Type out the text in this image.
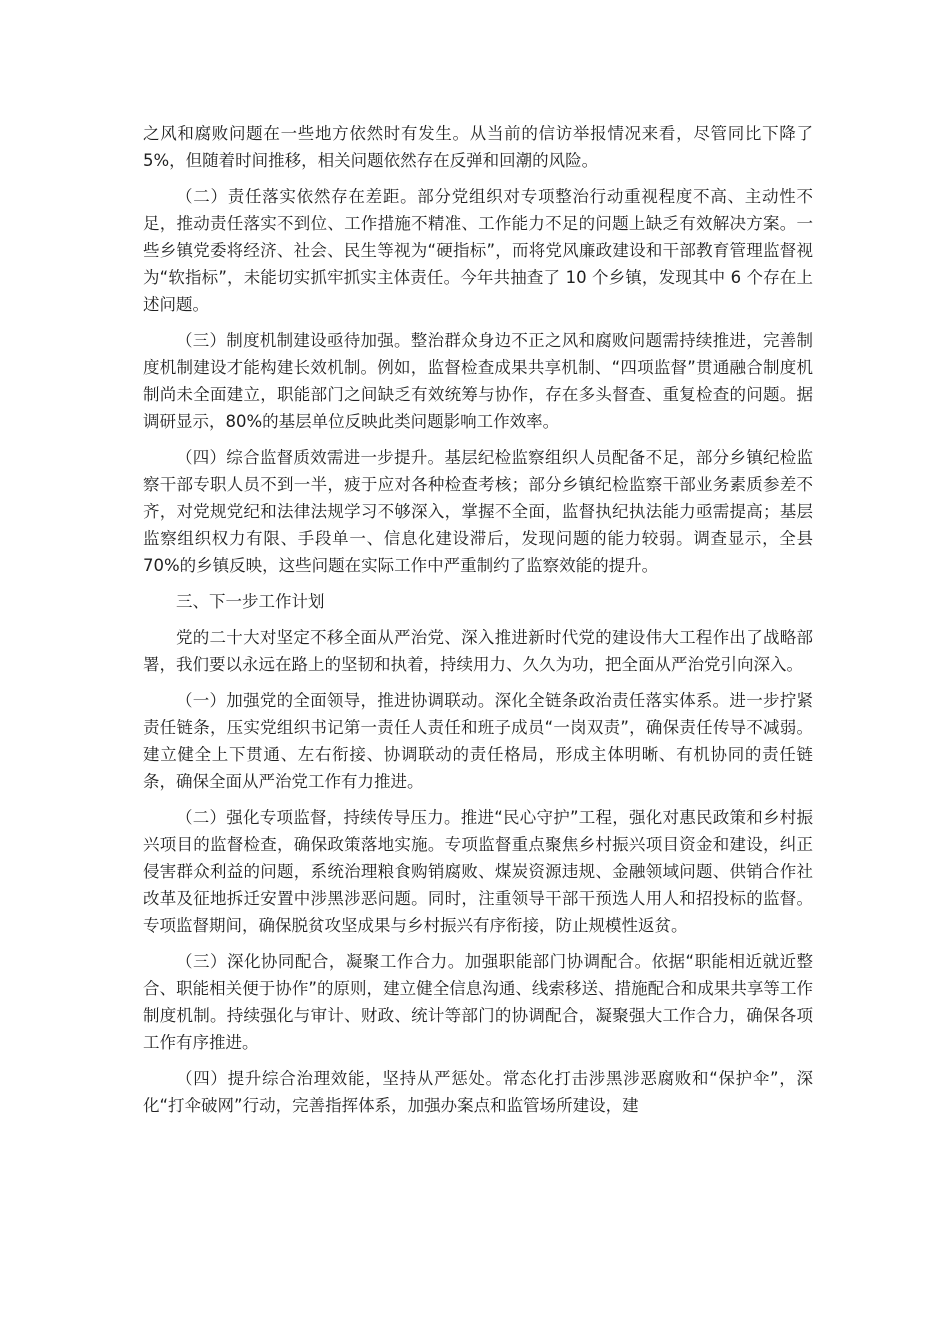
之风和腐败问题在一些地方依然时有发生。从当前的信访举报情况来看，尽管同比下降了 5%，但随着时间推移，相关问题依然存在反弹和回潮的风险。

（二）责任落实依然存在差距。部分党组织对专项整治行动重视程度不高、主动性不足，推动责任落实不到位、工作措施不精准、工作能力不足的问题上缺乏有效解决方案。一些乡镇党委将经济、社会、民生等视为“硬指标”，而将党风廉政建设和干部教育管理监督视为“软指标”，未能切实抓牢抓实主体责任。今年共抽查了 10 个乡镇，发现其中 6 个存在上述问题。

（三）制度机制建设亟待加强。整治群众身边不正之风和腐败问题需持续推进，完善制度机制建设才能构建长效机制。例如，监督检查成果共享机制、“四项监督”贯通融合制度机制尚未全面建立，职能部门之间缺乏有效统筹与协作，存在多头督查、重复检查的问题。据调研显示，80%的基层单位反映此类问题影响工作效率。

（四）综合监督质效需进一步提升。基层纪检监察组织人员配备不足，部分乡镇纪检监察干部专职人员不到一半，疲于应对各种检查考核；部分乡镇纪检监察干部业务素质参差不齐，对党规党纪和法律法规学习不够深入，掌握不全面，监督执纪执法能力亟需提高；基层监察组织权力有限、手段单一、信息化建设滞后，发现问题的能力较弱。调查显示，全县 70%的乡镇反映，这些问题在实际工作中严重制约了监察效能的提升。

三、下一步工作计划

党的二十大对坚定不移全面从严治党、深入推进新时代党的建设伟大工程作出了战略部署，我们要以永远在路上的坚韧和执着，持续用力、久久为功，把全面从严治党引向深入。

（一）加强党的全面领导，推进协调联动。深化全链条政治责任落实体系。进一步拧紧责任链条，压实党组织书记第一责任人责任和班子成员“一岗双责”，确保责任传导不减弱。建立健全上下贯通、左右衔接、协调联动的责任格局，形成主体明晰、有机协同的责任链条，确保全面从严治党工作有力推进。

（二）强化专项监督，持续传导压力。推进“民心守护”工程，强化对惠民政策和乡村振兴项目的监督检查，确保政策落地实施。专项监督重点聚焦乡村振兴项目资金和建设，纠正侵害群众利益的问题，系统治理粮食购销腐败、煤炭资源违规、金融领域问题、供销合作社改革及征地拆迁安置中涉黑涉恶问题。同时，注重领导干部干预选人用人和招投标的监督。专项监督期间，确保脱贫攻坚成果与乡村振兴有序衔接，防止规模性返贫。

（三）深化协同配合，凝聚工作合力。加强职能部门协调配合。依据“职能相近就近整合、职能相关便于协作”的原则，建立健全信息沟通、线索移送、措施配合和成果共享等工作制度机制。持续强化与审计、财政、统计等部门的协调配合，凝聚强大工作合力，确保各项工作有序推进。

（四）提升综合治理效能，坚持从严惩处。常态化打击涉黑涉恶腐败和“保护伞”，深化“打伞破网”行动，完善指挥体系，加强办案点和监管场所建设，建
